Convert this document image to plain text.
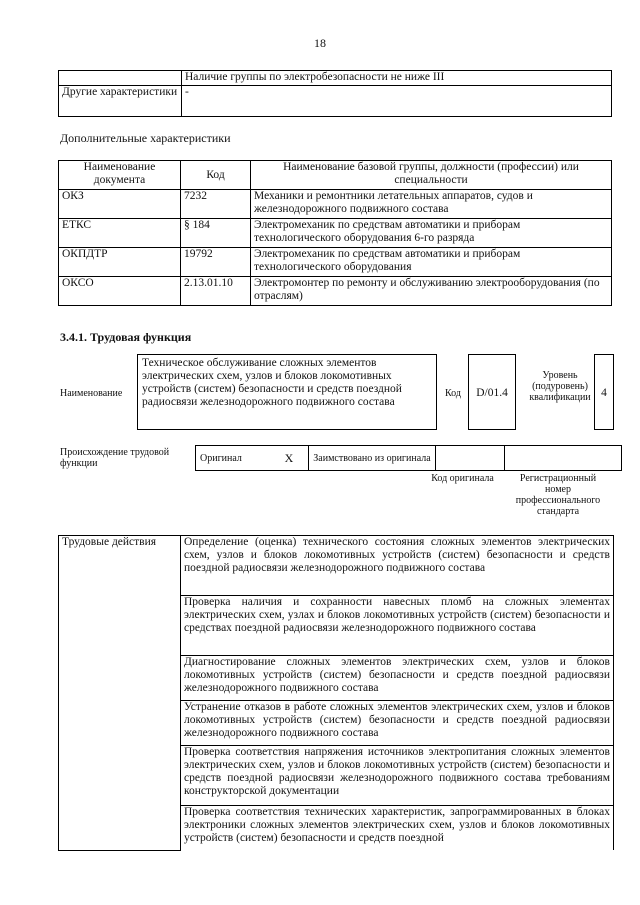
18
	Наличие группы по электробезопасности не ниже III
Другие характеристики	-
Дополнительные характеристики
Наименование документа	Код	Наименование базовой группы, должности (профессии) или специальности
ОКЗ	7232	Механики и ремонтники летательных аппаратов, судов и железнодорожного подвижного состава
ЕТКС	§ 184	Электромеханик по средствам автоматики и приборам технологического оборудования 6-го разряда
ОКПДТР	19792	Электромеханик по средствам автоматики и приборам технологического оборудования
ОКСО	2.13.01.10	Электромонтер по ремонту и обслуживанию электрооборудования (по отраслям)
3.4.1. Трудовая функция
Наименование
Техническое обслуживание сложных элементов электрических схем, узлов и блоков локомотивных устройств (систем) безопасности и средств поездной радиосвязи железнодорожного подвижного состава
Код	D/01.4
Уровень (подуровень) квалификации 4
Происхождение трудовой функции	Оригинал	X	Заимствовано из оригинала		
Код оригинала	Регистрационный номер профессионального стандарта
Трудовые действия	Определение (оценка) технического состояния сложных элементов электрических схем, узлов и блоков локомотивных устройств (систем) безопасности и средств поездной радиосвязи железнодорожного подвижного состава
Проверка наличия и сохранности навесных пломб на сложных элементах электрических схем, узлах и блоков локомотивных устройств (систем) безопасности и средствах поездной радиосвязи железнодорожного подвижного состава
Диагностирование сложных элементов электрических схем, узлов и блоков локомотивных устройств (систем) безопасности и средств поездной радиосвязи железнодорожного подвижного состава
Устранение отказов в работе сложных элементов электрических схем, узлов и блоков локомотивных устройств (систем) безопасности и средств поездной радиосвязи железнодорожного подвижного состава
Проверка соответствия напряжения источников электропитания сложных элементов электрических схем, узлов и блоков локомотивных устройств (систем) безопасности и средств поездной радиосвязи железнодорожного подвижного состава требованиям конструкторской документации
Проверка соответствия технических характеристик, запрограммированных в блоках электроники сложных элементов электрических схем, узлов и блоков локомотивных устройств (систем) безопасности и средств поездной
